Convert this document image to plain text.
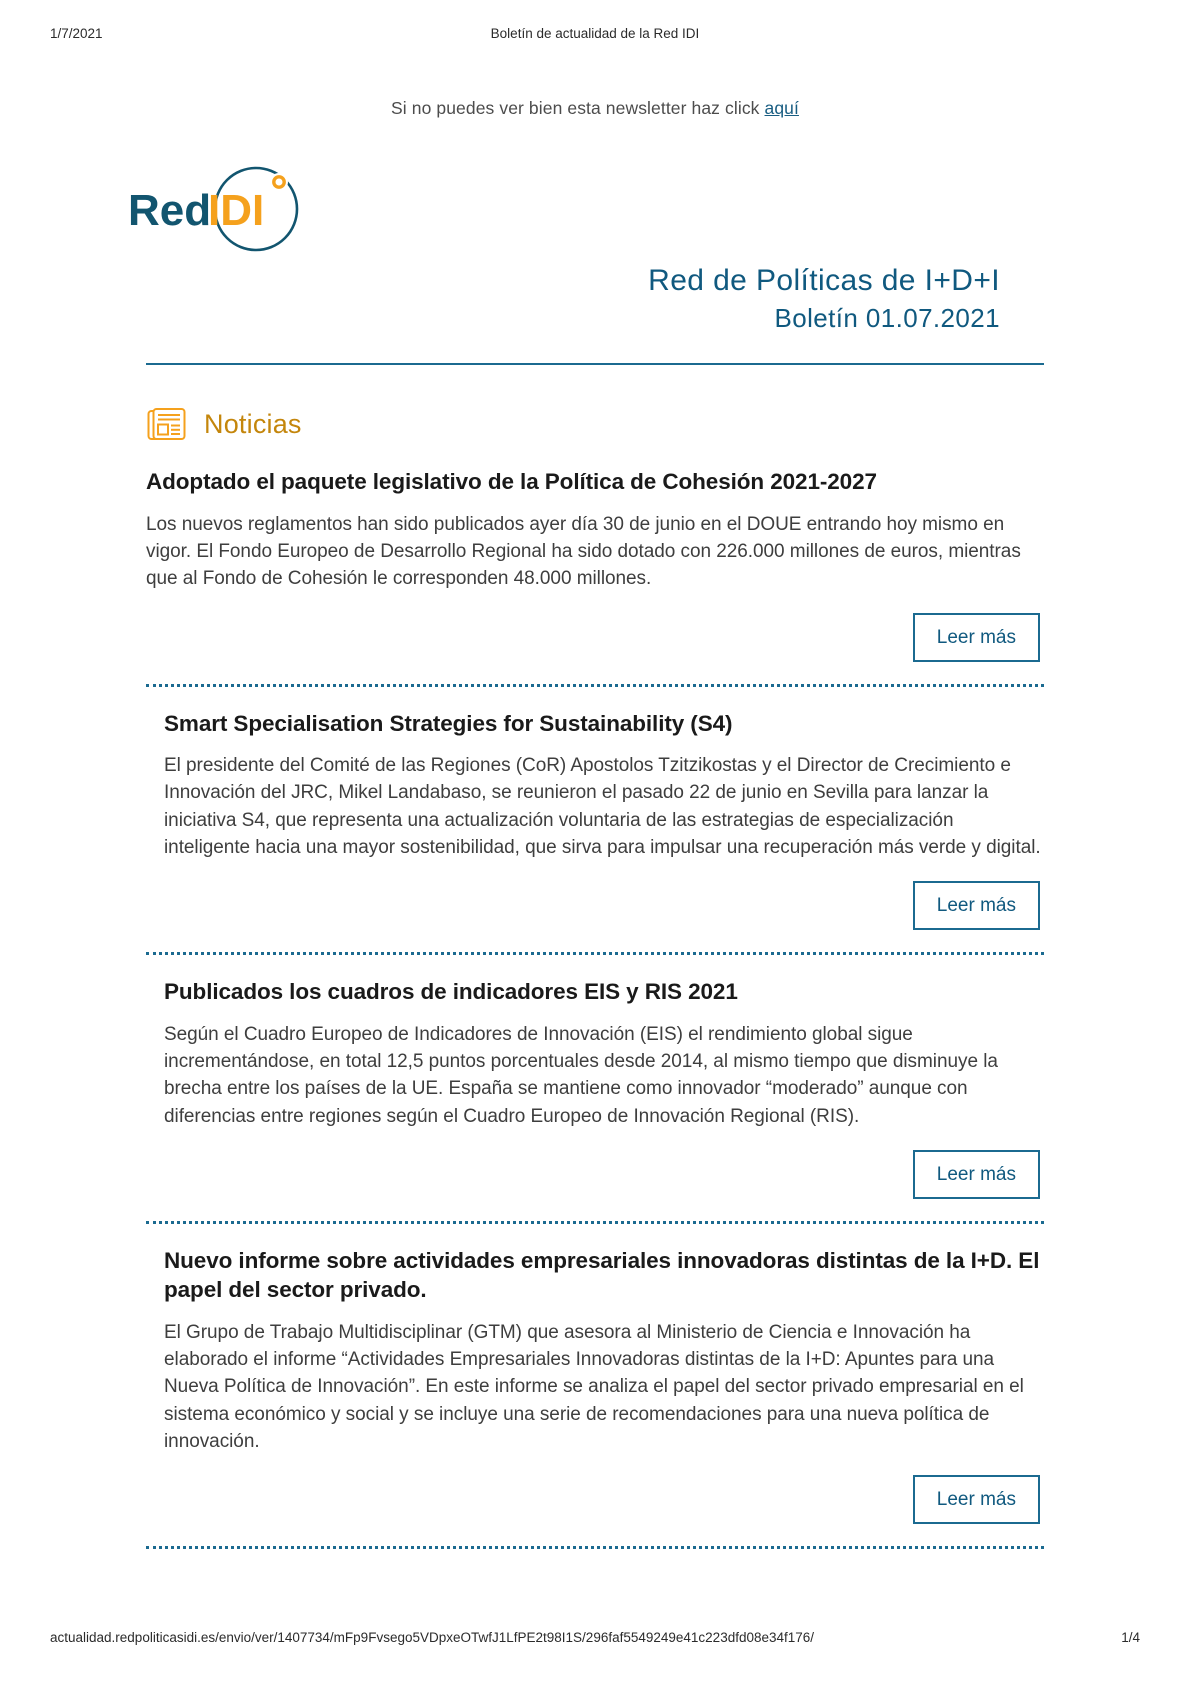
1/7/2021	Boletín de actualidad de la Red IDI
Si no puedes ver bien esta newsletter haz click aquí
Red
IDI
Red de Políticas de I+D+I
Boletín 01.07.2021
Noticias
Adoptado el paquete legislativo de la Política de Cohesión 2021-2027
Los nuevos reglamentos han sido publicados ayer día 30 de junio en el DOUE entrando hoy mismo en vigor. El Fondo Europeo de Desarrollo Regional ha sido dotado con 226.000 millones de euros, mientras que al Fondo de Cohesión le corresponden 48.000 millones.
Leer más
Smart Specialisation Strategies for Sustainability (S4)
El presidente del Comité de las Regiones (CoR) Apostolos Tzitzikostas y el Director de Crecimiento e Innovación del JRC, Mikel Landabaso, se reunieron el pasado 22 de junio en Sevilla para lanzar la iniciativa S4, que representa una actualización voluntaria de las estrategias de especialización inteligente hacia una mayor sostenibilidad, que sirva para impulsar una recuperación más verde y digital.
Leer más
Publicados los cuadros de indicadores EIS y RIS 2021
Según el Cuadro Europeo de Indicadores de Innovación (EIS) el rendimiento global sigue incrementándose, en total 12,5 puntos porcentuales desde 2014, al mismo tiempo que disminuye la brecha entre los países de la UE. España se mantiene como innovador “moderado” aunque con diferencias entre regiones según el Cuadro Europeo de Innovación Regional (RIS).
Leer más
Nuevo informe sobre actividades empresariales innovadoras distintas de la I+D. El papel del sector privado.
El Grupo de Trabajo Multidisciplinar (GTM) que asesora al Ministerio de Ciencia e Innovación ha elaborado el informe “Actividades Empresariales Innovadoras distintas de la I+D: Apuntes para una Nueva Política de Innovación”. En este informe se analiza el papel del sector privado empresarial en el sistema económico y social y se incluye una serie de recomendaciones para una nueva política de innovación.
Leer más
actualidad.redpoliticasidi.es/envio/ver/1407734/mFp9Fvsego5VDpxeOTwfJ1LfPE2t98I1S/296faf5549249e41c223dfd08e34f176/	1/4
